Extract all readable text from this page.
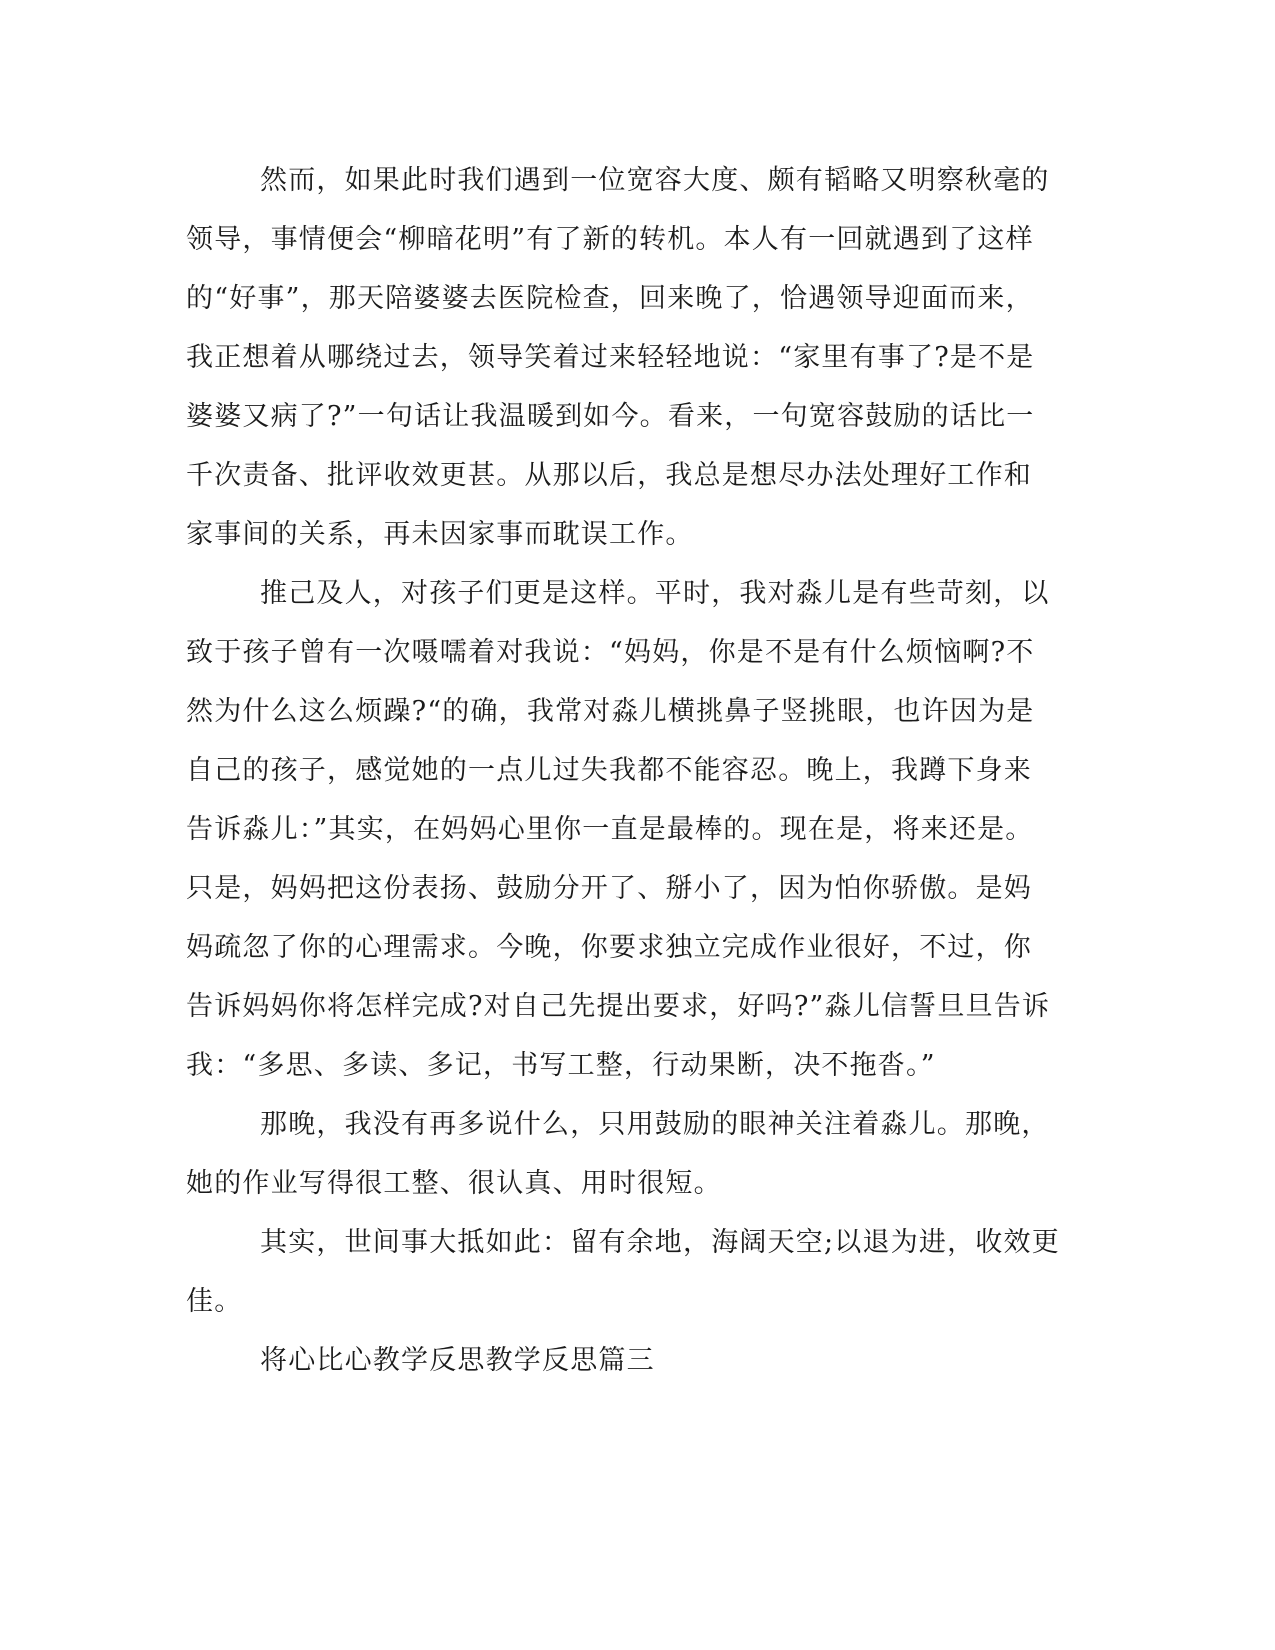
然而，如果此时我们遇到一位宽容大度、颇有韬略又明察秋毫的
领导，事情便会“柳暗花明”有了新的转机。本人有一回就遇到了这样
的“好事”，那天陪婆婆去医院检查，回来晚了，恰遇领导迎面而来，
我正想着从哪绕过去，领导笑着过来轻轻地说：“家里有事了?是不是
婆婆又病了?”一句话让我温暖到如今。看来，一句宽容鼓励的话比一
千次责备、批评收效更甚。从那以后，我总是想尽办法处理好工作和
家事间的关系，再未因家事而耽误工作。
推己及人，对孩子们更是这样。平时，我对淼儿是有些苛刻，以
致于孩子曾有一次嗫嚅着对我说：“妈妈，你是不是有什么烦恼啊?不
然为什么这么烦躁?“的确，我常对淼儿横挑鼻子竖挑眼，也许因为是
自己的孩子，感觉她的一点儿过失我都不能容忍。晚上，我蹲下身来
告诉淼儿：”其实，在妈妈心里你一直是最棒的。现在是，将来还是。
只是，妈妈把这份表扬、鼓励分开了、掰小了，因为怕你骄傲。是妈
妈疏忽了你的心理需求。今晚，你要求独立完成作业很好，不过，你
告诉妈妈你将怎样完成?对自己先提出要求，好吗?”淼儿信誓旦旦告诉
我：“多思、多读、多记，书写工整，行动果断，决不拖沓。”
那晚，我没有再多说什么，只用鼓励的眼神关注着淼儿。那晚，
她的作业写得很工整、很认真、用时很短。
其实，世间事大抵如此：留有余地，海阔天空;以退为进，收效更
佳。
将心比心教学反思教学反思篇三
